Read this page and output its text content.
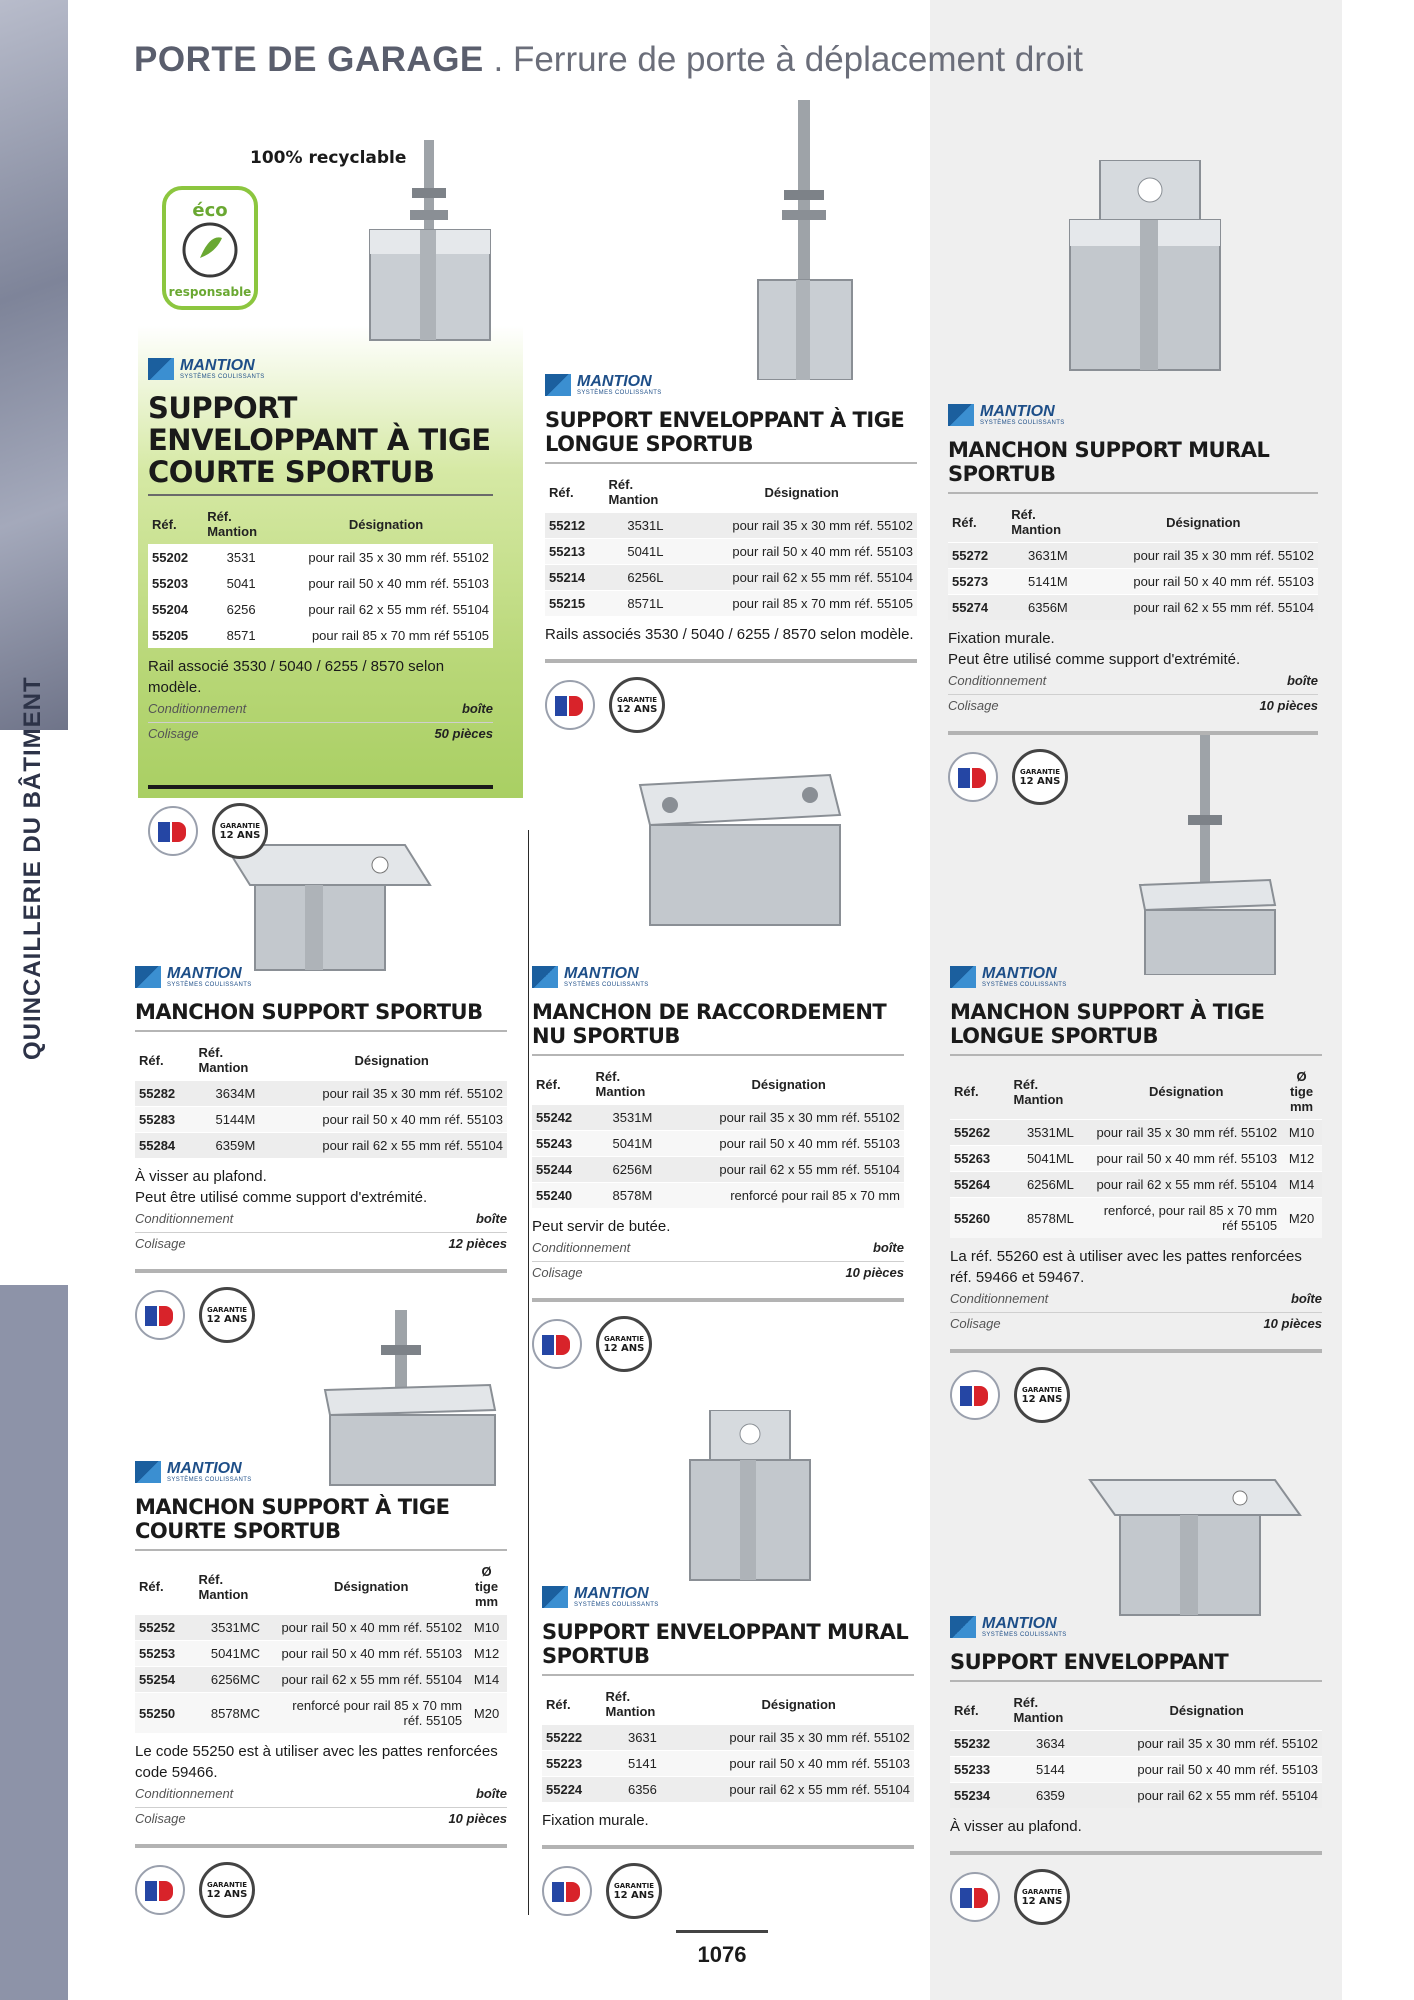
PORTE DE GARAGE . Ferrure de porte à déplacement droit
100% recyclable
éco
responsable
MANTION
SYSTÈMES COULISSANTS
SUPPORT ENVELOPPANT À TIGE COURTE SPORTUB
Réf.	Réf. Mantion	Désignation
55202	3531	pour rail 35 x 30 mm réf. 55102
55203	5041	pour rail 50 x 40 mm réf. 55103
55204	6256	pour rail 62 x 55 mm réf. 55104
55205	8571	pour rail 85 x 70 mm réf 55105
Rail associé 3530 / 5040 / 6255 / 8570 selon modèle.
Conditionnement	boîte
Colisage	50 pièces
GARANTIE
12 ANS
MANTION
SYSTÈMES COULISSANTS
SUPPORT ENVELOPPANT À TIGE LONGUE SPORTUB
Réf.	Réf. Mantion	Désignation
55212	3531L	pour rail 35 x 30 mm réf. 55102
55213	5041L	pour rail 50 x 40 mm réf. 55103
55214	6256L	pour rail 62 x 55 mm réf. 55104
55215	8571L	pour rail 85 x 70 mm réf. 55105
Rails associés 3530 / 5040 / 6255 / 8570 selon modèle.
GARANTIE
12 ANS
MANTION
SYSTÈMES COULISSANTS
MANCHON SUPPORT MURAL SPORTUB
Réf.	Réf. Mantion	Désignation
55272	3631M	pour rail 35 x 30 mm réf. 55102
55273	5141M	pour rail 50 x 40 mm réf. 55103
55274	6356M	pour rail 62 x 55 mm réf. 55104
Fixation murale.
Peut être utilisé comme support d'extrémité.
Conditionnement	boîte
Colisage	10 pièces
GARANTIE
12 ANS
MANTION
SYSTÈMES COULISSANTS
MANCHON SUPPORT SPORTUB
Réf.	Réf. Mantion	Désignation
55282	3634M	pour rail 35 x 30 mm réf. 55102
55283	5144M	pour rail 50 x 40 mm réf. 55103
55284	6359M	pour rail 62 x 55 mm réf. 55104
À visser au plafond.
Peut être utilisé comme support d'extrémité.
Conditionnement	boîte
Colisage	12 pièces
GARANTIE
12 ANS
MANTION
SYSTÈMES COULISSANTS
MANCHON DE RACCORDEMENT NU SPORTUB
Réf.	Réf. Mantion	Désignation
55242	3531M	pour rail 35 x 30 mm réf. 55102
55243	5041M	pour rail 50 x 40 mm réf. 55103
55244	6256M	pour rail 62 x 55 mm réf. 55104
55240	8578M	renforcé pour rail 85 x 70 mm
Peut servir de butée.
Conditionnement	boîte
Colisage	10 pièces
GARANTIE
12 ANS
MANTION
SYSTÈMES COULISSANTS
MANCHON SUPPORT À TIGE LONGUE SPORTUB
Réf.	Réf. Mantion	Désignation	Ø tige mm
55262	3531ML	pour rail 35 x 30 mm réf. 55102	M10
55263	5041ML	pour rail 50 x 40 mm réf. 55103	M12
55264	6256ML	pour rail 62 x 55 mm réf. 55104	M14
55260	8578ML	renforcé, pour rail 85 x 70 mm réf 55105	M20
La réf. 55260 est à utiliser avec les pattes renforcées réf. 59466 et 59467.
Conditionnement	boîte
Colisage	10 pièces
GARANTIE
12 ANS
MANTION
SYSTÈMES COULISSANTS
MANCHON SUPPORT À TIGE COURTE SPORTUB
Réf.	Réf. Mantion	Désignation	Ø tige mm
55252	3531MC	pour rail 50 x 40 mm réf. 55102	M10
55253	5041MC	pour rail 50 x 40 mm réf. 55103	M12
55254	6256MC	pour rail 62 x 55 mm réf. 55104	M14
55250	8578MC	renforcé pour rail 85 x 70 mm réf. 55105	M20
Le code 55250 est à utiliser avec les pattes renforcées code 59466.
Conditionnement	boîte
Colisage	10 pièces
GARANTIE
12 ANS
MANTION
SYSTÈMES COULISSANTS
SUPPORT ENVELOPPANT MURAL SPORTUB
Réf.	Réf. Mantion	Désignation
55222	3631	pour rail 35 x 30 mm réf. 55102
55223	5141	pour rail 50 x 40 mm réf. 55103
55224	6356	pour rail 62 x 55 mm réf. 55104
Fixation murale.
GARANTIE
12 ANS
MANTION
SYSTÈMES COULISSANTS
SUPPORT ENVELOPPANT
Réf.	Réf. Mantion	Désignation
55232	3634	pour rail 35 x 30 mm réf. 55102
55233	5144	pour rail 50 x 40 mm réf. 55103
55234	6359	pour rail 62 x 55 mm réf. 55104
À visser au plafond.
GARANTIE
12 ANS
1076
